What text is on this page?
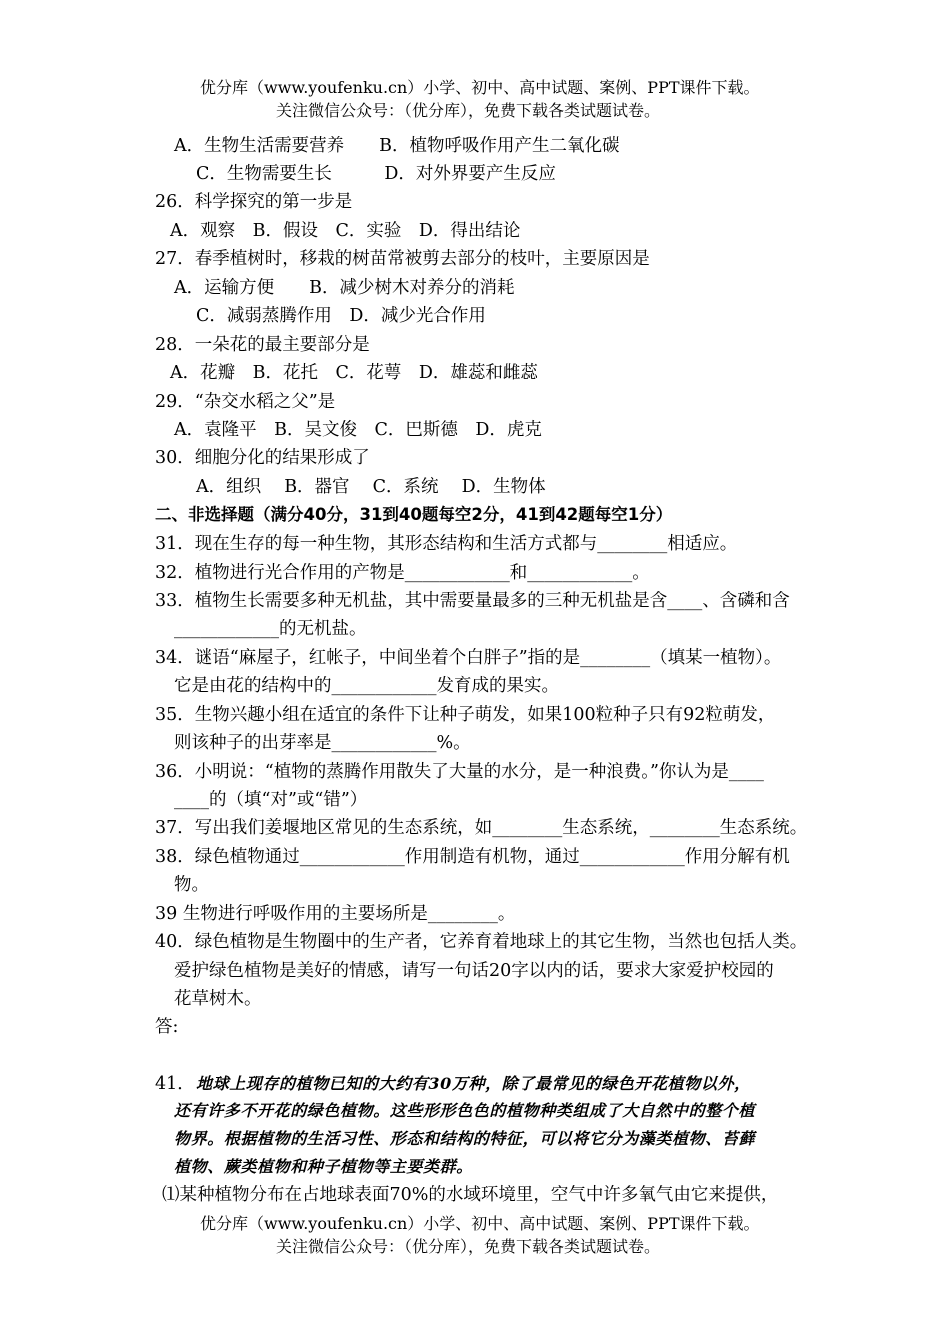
优分库（www.youfenku.cn）小学、初中、高中试题、案例、PPT课件下载。
关注微信公众号：（优分库），免费下载各类试题试卷。
A．生物生活需要营养　　B．植物呼吸作用产生二氧化碳
C．生物需要生长　　　D．对外界要产生反应
26．科学探究的第一步是
A．观察　B．假设　C．实验　D．得出结论
27．春季植树时，移栽的树苗常被剪去部分的枝叶，主要原因是
A．运输方便　　B．减少树木对养分的消耗
C．减弱蒸腾作用　D．减少光合作用
28．一朵花的最主要部分是
A．花瓣　B．花托　C．花萼　D．雄蕊和雌蕊
29．“杂交水稻之父”是
A．袁隆平　B．吴文俊　C．巴斯德　D．虎克
30．细胞分化的结果形成了
A．组织　 B．器官　 C．系统　 D．生物体
二、非选择题（满分40分，31到40题每空2分，41到42题每空1分）
31．现在生存的每一种生物，其形态结构和生活方式都与________相适应。
32．植物进行光合作用的产物是____________和____________。
33．植物生长需要多种无机盐，其中需要量最多的三种无机盐是含____、含磷和含
____________的无机盐。
34．谜语“麻屋子，红帐子，中间坐着个白胖子”指的是________（填某一植物）。
它是由花的结构中的____________发育成的果实。
35．生物兴趣小组在适宜的条件下让种子萌发，如果100粒种子只有92粒萌发，
则该种子的出芽率是____________%。
36．小明说：“植物的蒸腾作用散失了大量的水分，是一种浪费。”你认为是____
____的（填“对”或“错”）
37．写出我们姜堰地区常见的生态系统，如________生态系统，________生态系统。
38．绿色植物通过____________作用制造有机物，通过____________作用分解有机
物。
39 生物进行呼吸作用的主要场所是________。
40．绿色植物是生物圈中的生产者，它养育着地球上的其它生物，当然也包括人类。
爱护绿色植物是美好的情感，请写一句话20字以内的话，要求大家爱护校园的
花草树木。
答:
41． 地球上现存的植物已知的大约有30万种，除了最常见的绿色开花植物以外，
还有许多不开花的绿色植物。这些形形色色的植物种类组成了大自然中的整个植
物界。根据植物的生活习性、形态和结构的特征，可以将它分为藻类植物、苔藓
植物、蕨类植物和种子植物等主要类群。
⑴某种植物分布在占地球表面70%的水域环境里，空气中许多氧气由它来提供，
优分库（www.youfenku.cn）小学、初中、高中试题、案例、PPT课件下载。
关注微信公众号：（优分库），免费下载各类试题试卷。
